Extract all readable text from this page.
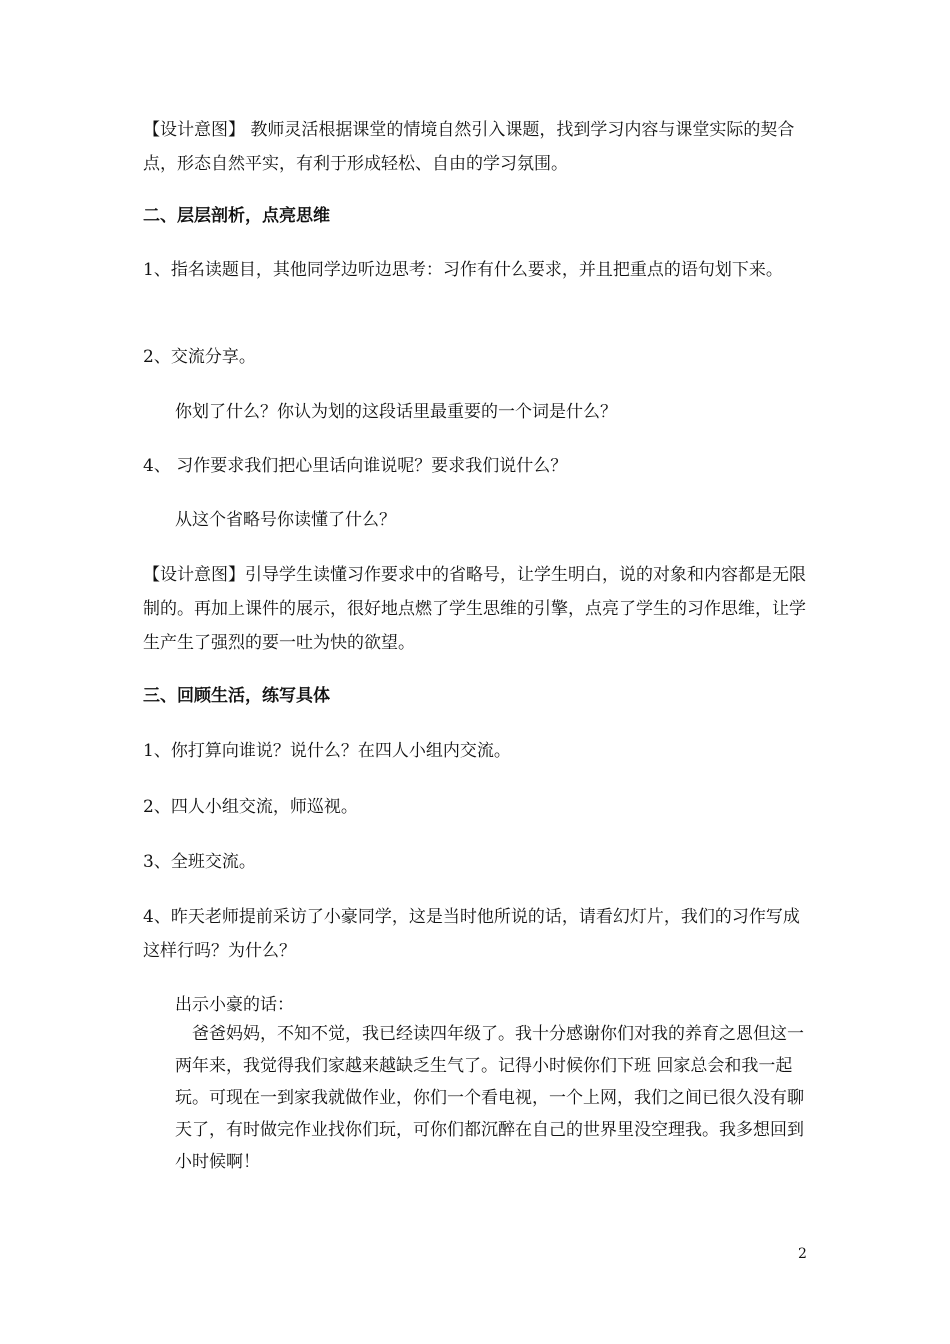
【设计意图】 教师灵活根据课堂的情境自然引入课题，找到学习内容与课堂实际的契合点，形态自然平实，有利于形成轻松、自由的学习氛围。

二、层层剖析，点亮思维

1、指名读题目，其他同学边听边思考：习作有什么要求，并且把重点的语句划下来。

2、交流分享。

你划了什么？你认为划的这段话里最重要的一个词是什么？

4、 习作要求我们把心里话向谁说呢？要求我们说什么？

从这个省略号你读懂了什么？

【设计意图】引导学生读懂习作要求中的省略号，让学生明白，说的对象和内容都是无限制的。再加上课件的展示，很好地点燃了学生思维的引擎，点亮了学生的习作思维，让学生产生了强烈的要一吐为快的欲望。

三、回顾生活，练写具体

1、你打算向谁说？说什么？在四人小组内交流。

2、四人小组交流，师巡视。

3、全班交流。

4、昨天老师提前采访了小豪同学，这是当时他所说的话，请看幻灯片，我们的习作写成这样行吗？为什么？

出示小豪的话：

爸爸妈妈，不知不觉，我已经读四年级了。我十分感谢你们对我的养育之恩但这一两年来，我觉得我们家越来越缺乏生气了。记得小时候你们下班 回家总会和我一起玩。可现在一到家我就做作业，你们一个看电视，一个上网，我们之间已很久没有聊天了，有时做完作业找你们玩，可你们都沉醉在自己的世界里没空理我。我多想回到小时候啊！

2
